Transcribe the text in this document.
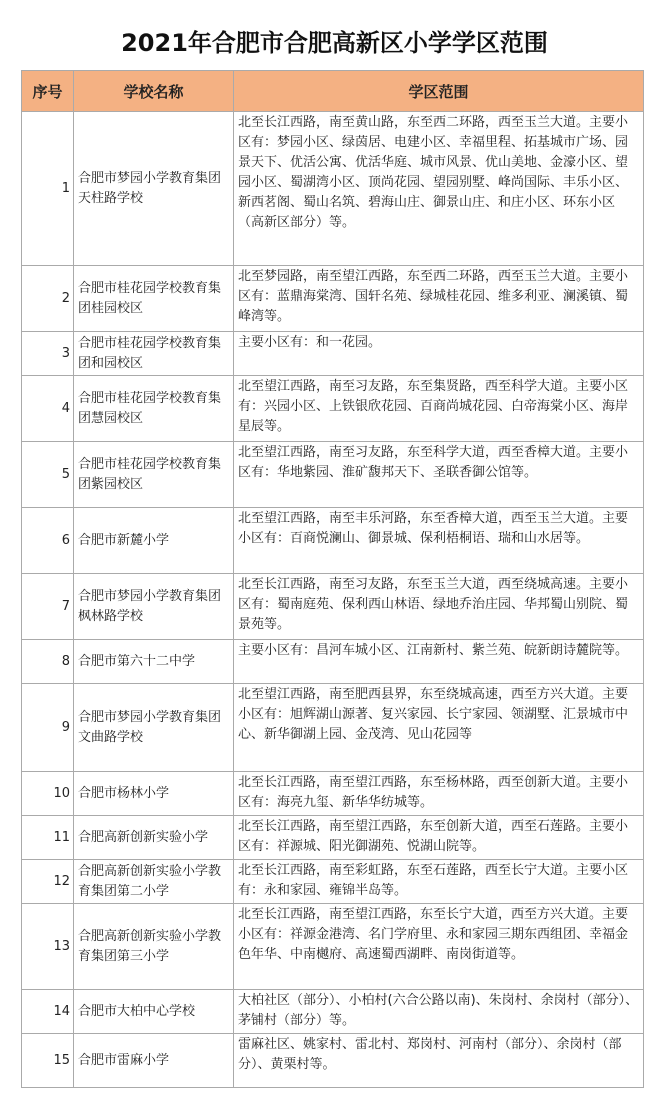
2021年合肥市合肥高新区小学学区范围
序号	学校名称	学区范围
1	合肥市梦园小学教育集团天柱路学校	北至长江西路，南至黄山路，东至西二环路，西至玉兰大道。主要小区有：梦园小区、绿茵居、电建小区、幸福里程、拓基城市广场、园景天下、优活公寓、优活华庭、城市风景、优山美地、金濠小区、望园小区、蜀湖湾小区、顶尚花园、望园别墅、峰尚国际、丰乐小区、新西茗阁、蜀山名筑、碧海山庄、御景山庄、和庄小区、环东小区（高新区部分）等。
2	合肥市桂花园学校教育集团桂园校区	北至梦园路，南至望江西路，东至西二环路，西至玉兰大道。主要小区有：蓝鼎海棠湾、国轩名苑、绿城桂花园、维多利亚、澜溪镇、蜀峰湾等。
3	合肥市桂花园学校教育集团和园校区	主要小区有：和一花园。
4	合肥市桂花园学校教育集团慧园校区	北至望江西路，南至习友路，东至集贤路，西至科学大道。主要小区有：兴园小区、上铁银欣花园、百商尚城花园、白帝海棠小区、海岸星辰等。
5	合肥市桂花园学校教育集团紫园校区	北至望江西路，南至习友路，东至科学大道，西至香樟大道。主要小区有：华地紫园、淮矿馥邦天下、圣联香御公馆等。
6	合肥市新麓小学	北至望江西路，南至丰乐河路，东至香樟大道，西至玉兰大道。主要小区有：百商悦澜山、御景城、保利梧桐语、瑞和山水居等。
7	合肥市梦园小学教育集团枫林路学校	北至长江西路，南至习友路，东至玉兰大道，西至绕城高速。主要小区有：蜀南庭苑、保利西山林语、绿地乔治庄园、华邦蜀山别院、蜀景苑等。
8	合肥市第六十二中学	主要小区有：昌河车城小区、江南新村、紫兰苑、皖新朗诗麓院等。
9	合肥市梦园小学教育集团文曲路学校	北至望江西路，南至肥西县界，东至绕城高速，西至方兴大道。主要小区有：旭辉湖山源著、复兴家园、长宁家园、领湖墅、汇景城市中心、新华御湖上园、金茂湾、见山花园等
10	合肥市杨林小学	北至长江西路，南至望江西路，东至杨林路，西至创新大道。主要小区有：海亮九玺、新华华纺城等。
11	合肥高新创新实验小学	北至长江西路，南至望江西路，东至创新大道，西至石莲路。主要小区有：祥源城、阳光御湖苑、悦湖山院等。
12	合肥高新创新实验小学教育集团第二小学	北至长江西路，南至彩虹路，东至石莲路，西至长宁大道。主要小区有：永和家园、雍锦半岛等。
13	合肥高新创新实验小学教育集团第三小学	北至长江西路，南至望江西路，东至长宁大道，西至方兴大道。主要小区有：祥源金港湾、名门学府里、永和家园三期东西组团、幸福金色年华、中南樾府、高速蜀西湖畔、南岗街道等。
14	合肥市大柏中心学校	大柏社区（部分）、小柏村(六合公路以南)、朱岗村、余岗村（部分）、茅铺村（部分）等。
15	合肥市雷麻小学	雷麻社区、姚家村、雷北村、郑岗村、河南村（部分）、余岗村（部分）、黄栗村等。
